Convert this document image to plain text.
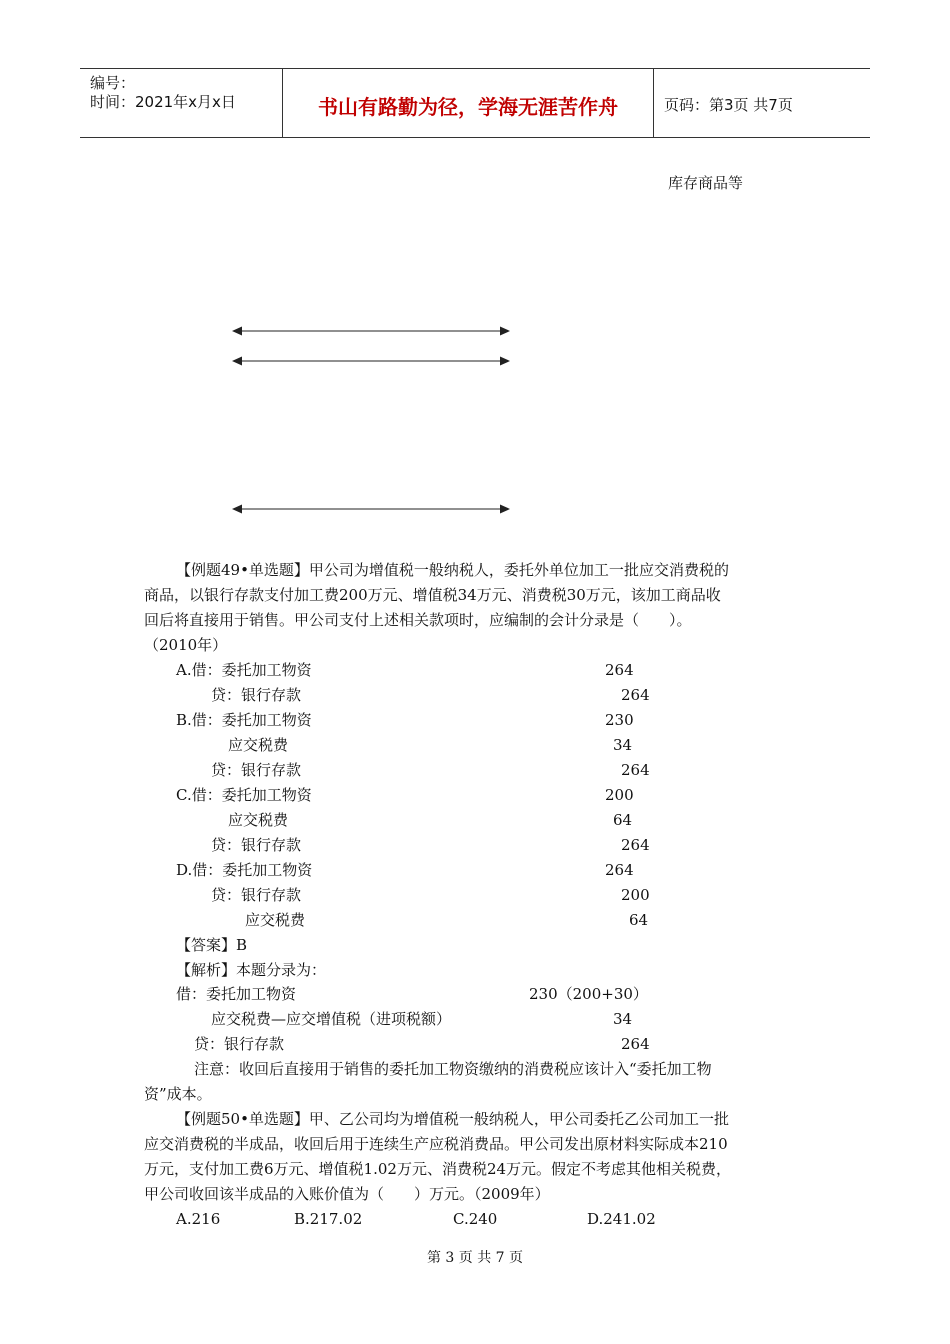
编号：
时间：2021年x月x日	书山有路勤为径，学海无涯苦作舟	页码：第3页 共7页
库存商品等
【例题49•单选题】甲公司为增值税一般纳税人，委托外单位加工一批应交消费税的
商品，以银行存款支付加工费200万元、增值税34万元、消费税30万元，该加工商品收
回后将直接用于销售。甲公司支付上述相关款项时，应编制的会计分录是（　　）。
（2010年）
A.借：委托加工物资	264
贷：银行存款	264
B.借：委托加工物资	230
应交税费	34
贷：银行存款	264
C.借：委托加工物资	200
应交税费	64
贷：银行存款	264
D.借：委托加工物资	264
贷：银行存款	200
应交税费	64
【答案】B
【解析】本题分录为：
借：委托加工物资	230（200+30）
应交税费—应交增值税（进项税额）	34
贷：银行存款	264
注意：收回后直接用于销售的委托加工物资缴纳的消费税应该计入“委托加工物
资”成本。
【例题50•单选题】甲、乙公司均为增值税一般纳税人，甲公司委托乙公司加工一批
应交消费税的半成品，收回后用于连续生产应税消费品。甲公司发出原材料实际成本210
万元，支付加工费6万元、增值税1.02万元、消费税24万元。假定不考虑其他相关税费，
甲公司收回该半成品的入账价值为（　　）万元。（2009年）
A.216	B.217.02	C.240	D.241.02
第 3 页 共 7 页
